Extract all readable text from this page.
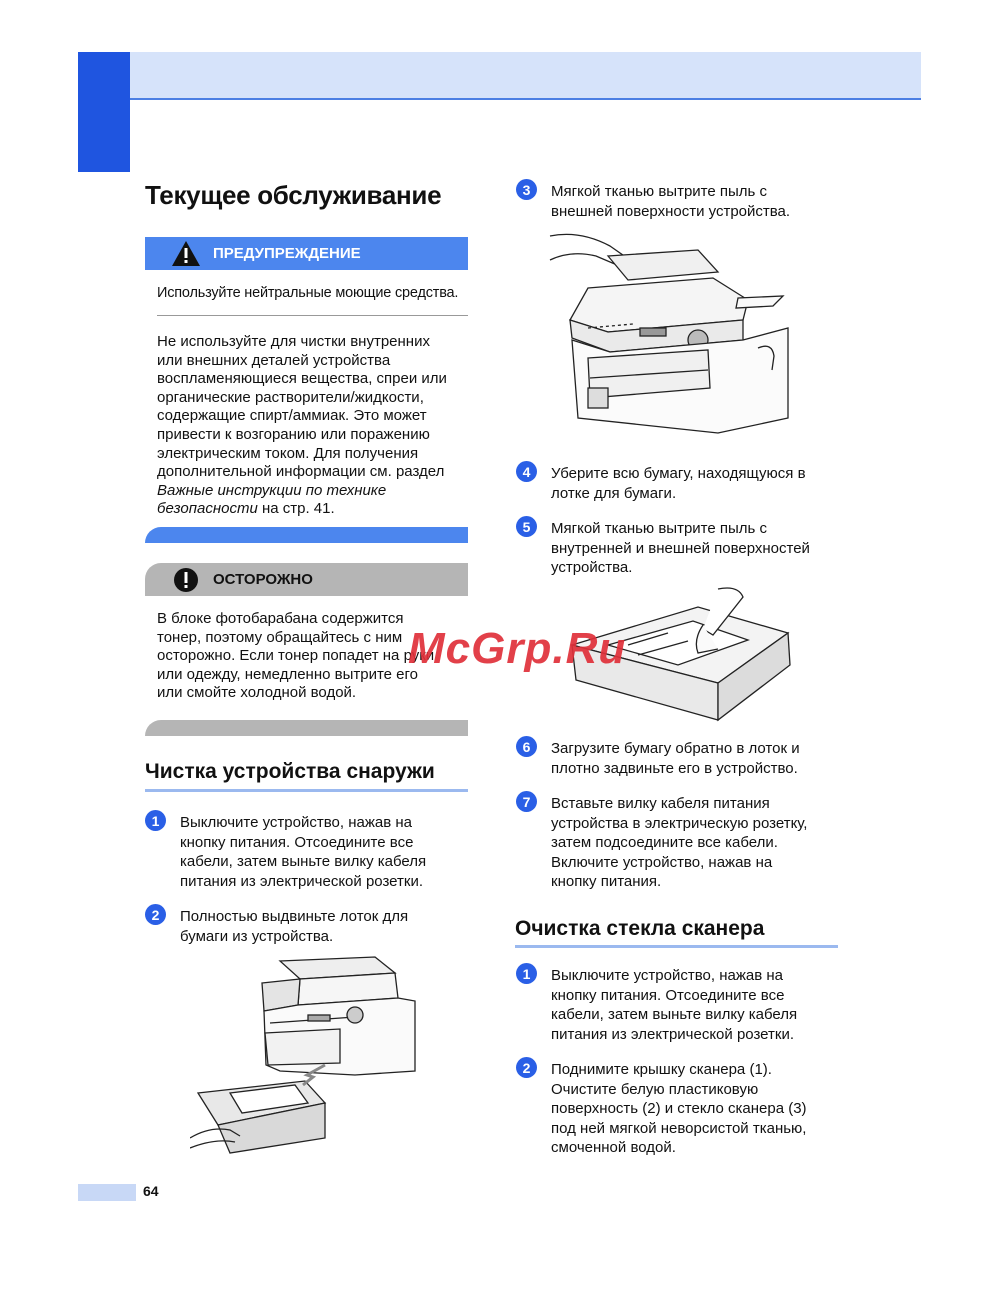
Текущее обслуживание
ПРЕДУПРЕЖДЕНИЕ
Используйте нейтральные моющие средства.
Не используйте для чистки внутренних
или внешних деталей устройства
воспламеняющиеся вещества, спреи или
органические растворители/жидкости,
содержащие спирт/аммиак. Это может
привести к возгоранию или поражению
электрическим током. Для получения
дополнительной информации см. раздел
Важные инструкции по технике
безопасности на стр. 41.
ОСТОРОЖНО
В блоке фотобарабана содержится
тонер, поэтому обращайтесь с ним
осторожно. Если тонер попадет на руки
или одежду, немедленно вытрите его
или смойте холодной водой.
Чистка устройства снаружи
1	Выключите устройство, нажав на
кнопку питания. Отсоедините все
кабели, затем выньте вилку кабеля
питания из электрической розетки.
2	Полностью выдвиньте лоток для
бумаги из устройства.
3	Мягкой тканью вытрите пыль с
внешней поверхности устройства.
4	Уберите всю бумагу, находящуюся в
лотке для бумаги.
5	Мягкой тканью вытрите пыль с
внутренней и внешней поверхностей
устройства.
6	Загрузите бумагу обратно в лоток и
плотно задвиньте его в устройство.
7	Вставьте вилку кабеля питания
устройства в электрическую розетку,
затем подсоедините все кабели.
Включите устройство, нажав на
кнопку питания.
Очистка стекла сканера
1	Выключите устройство, нажав на
кнопку питания. Отсоедините все
кабели, затем выньте вилку кабеля
питания из электрической розетки.
2	Поднимите крышку сканера (1).
Очистите белую пластиковую
поверхность (2) и стекло сканера (3)
под ней мягкой неворсистой тканью,
смоченной водой.
McGrp.Ru
64
